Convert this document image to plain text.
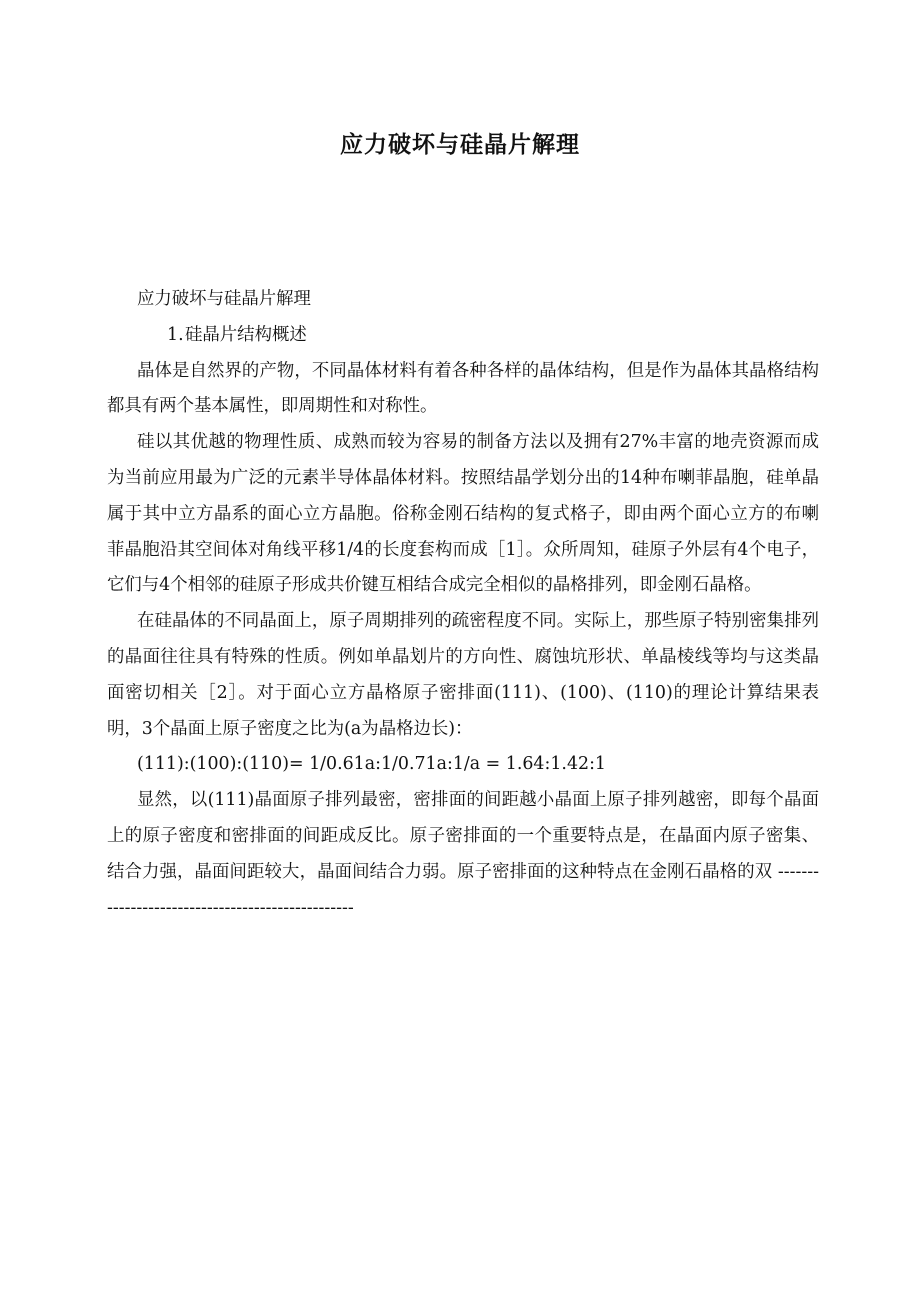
应力破坏与硅晶片解理

应力破坏与硅晶片解理

1.硅晶片结构概述

晶体是自然界的产物，不同晶体材料有着各种各样的晶体结构，但是作为晶体其晶格结构都具有两个基本属性，即周期性和对称性。

硅以其优越的物理性质、成熟而较为容易的制备方法以及拥有27%丰富的地壳资源而成为当前应用最为广泛的元素半导体晶体材料。按照结晶学划分出的14种布喇菲晶胞，硅单晶属于其中立方晶系的面心立方晶胞。俗称金刚石结构的复式格子，即由两个面心立方的布喇菲晶胞沿其空间体对角线平移1/4的长度套构而成［1］。众所周知，硅原子外层有4个电子，它们与4个相邻的硅原子形成共价键互相结合成完全相似的晶格排列，即金刚石晶格。

在硅晶体的不同晶面上，原子周期排列的疏密程度不同。实际上，那些原子特别密集排列的晶面往往具有特殊的性质。例如单晶划片的方向性、腐蚀坑形状、单晶棱线等均与这类晶面密切相关［2］。对于面心立方晶格原子密排面(111)、(100)、(110)的理论计算结果表明，3个晶面上原子密度之比为(a为晶格边长)：

(111):(100):(110)= 1/0.61a:1/0.71a:1/a = 1.64:1.42:1

显然，以(111)晶面原子排列最密，密排面的间距越小晶面上原子排列越密，即每个晶面上的原子密度和密排面的间距成反比。原子密排面的一个重要特点是，在晶面内原子密集、结合力强，晶面间距较大，晶面间结合力弱。原子密排面的这种特点在金刚石晶格的双 -------------------------------------------------
